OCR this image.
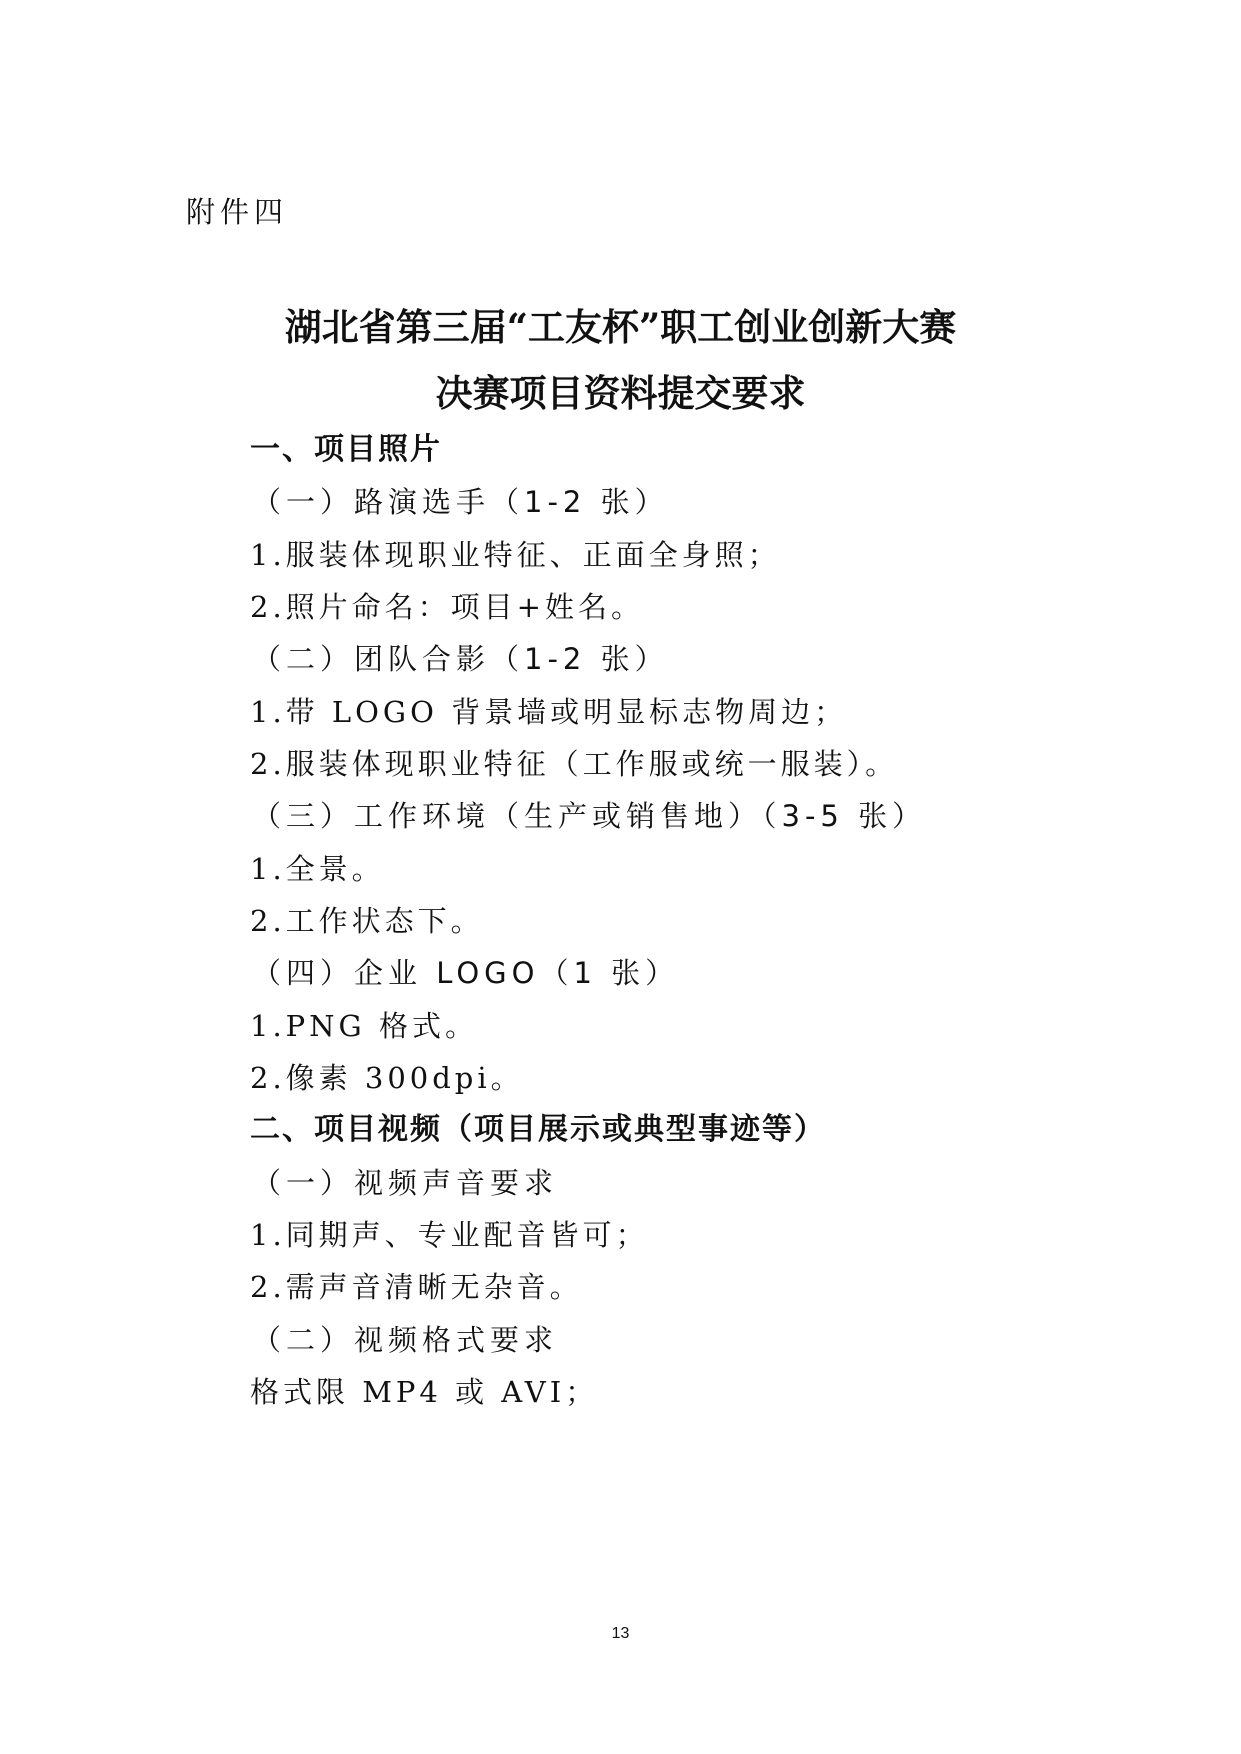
附件四
湖北省第三届“工友杯”职工创业创新大赛
决赛项目资料提交要求
一、项目照片
（一）路演选手（1-2 张）
1.服装体现职业特征、正面全身照；
2.照片命名：项目+姓名。
（二）团队合影（1-2 张）
1.带 LOGO 背景墙或明显标志物周边；
2.服装体现职业特征（工作服或统一服装）。
（三）工作环境（生产或销售地）（3-5 张）
1.全景。
2.工作状态下。
（四）企业 LOGO（1 张）
1.PNG 格式。
2.像素 300dpi。
二、项目视频（项目展示或典型事迹等）
（一）视频声音要求
1.同期声、专业配音皆可；
2.需声音清晰无杂音。
（二）视频格式要求
格式限 MP4 或 AVI；
13
